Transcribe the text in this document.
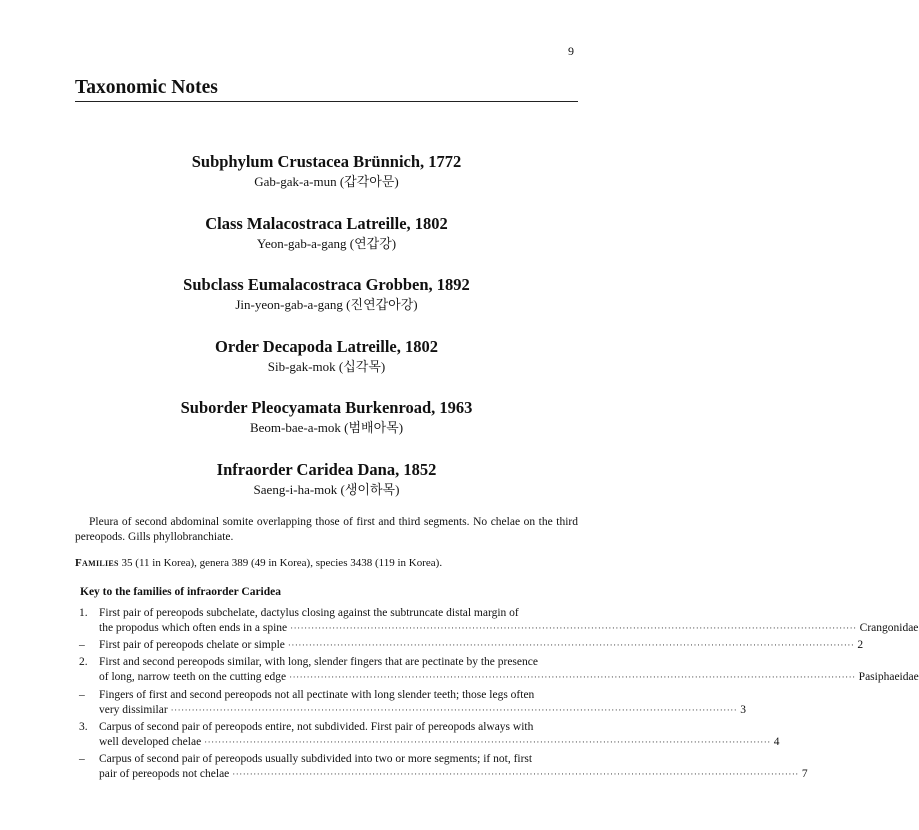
9
Taxonomic Notes
Subphylum Crustacea Brünnich, 1772
Gab-gak-a-mun (갑각아문)
Class Malacostraca Latreille, 1802
Yeon-gab-a-gang (연갑강)
Subclass Eumalacostraca Grobben, 1892
Jin-yeon-gab-a-gang (진연갑아강)
Order Decapoda Latreille, 1802
Sib-gak-mok (십각목)
Suborder Pleocyamata Burkenroad, 1963
Beom-bae-a-mok (범배아목)
Infraorder Caridea Dana, 1852
Saeng-i-ha-mok (생이하목)

Pleura of second abdominal somite overlapping those of first and third segments. No chelae on the third pereopods. Gills phyllobranchiate.

Families 35 (11 in Korea), genera 389 (49 in Korea), species 3438 (119 in Korea).

Key to the families of infraorder Caridea
1. First pair of pereopods subchelate, dactylus closing against the subtruncate distal margin of
the propodus which often ends in a spine ·····	Crangonidae
–	First pair of pereopods chelate or simple ·····	2
2. First and second pereopods similar, with long, slender fingers that are pectinate by the presence
of long, narrow teeth on the cutting edge ·····	Pasiphaeidae
–	Fingers of first and second pereopods not all pectinate with long slender teeth; those legs often
very dissimilar ·····	3
3. Carpus of second pair of pereopods entire, not subdivided. First pair of pereopods always with
well developed chelae ·····	4
–	Carpus of second pair of pereopods usually subdivided into two or more segments; if not, first
pair of pereopods not chelae ·····	7
